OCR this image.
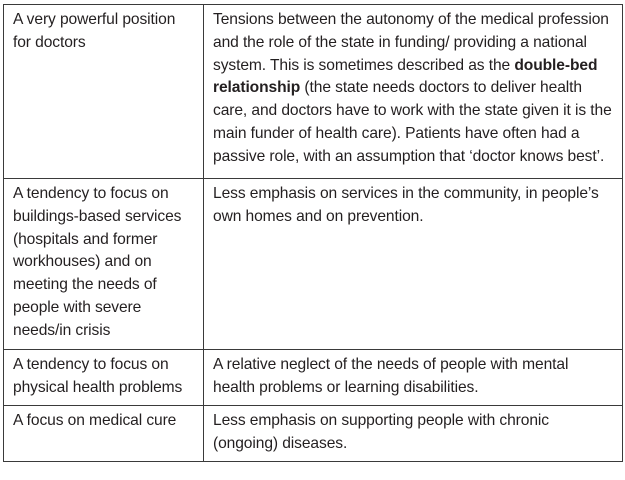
A very powerful position for doctors	Tensions between the autonomy of the medical profession and the role of the state in funding/ providing a national system. This is sometimes described as the double-bed relationship (the state needs doctors to deliver health care, and doctors have to work with the state given it is the main funder of health care). Patients have often had a passive role, with an assumption that ‘doctor knows best’.
A tendency to focus on buildings-based services (hospitals and former workhouses) and on meeting the needs of people with severe needs/in crisis	Less emphasis on services in the community, in people’s own homes and on prevention.
A tendency to focus on physical health problems	A relative neglect of the needs of people with mental health problems or learning disabilities.
A focus on medical cure	Less emphasis on supporting people with chronic (ongoing) diseases.
